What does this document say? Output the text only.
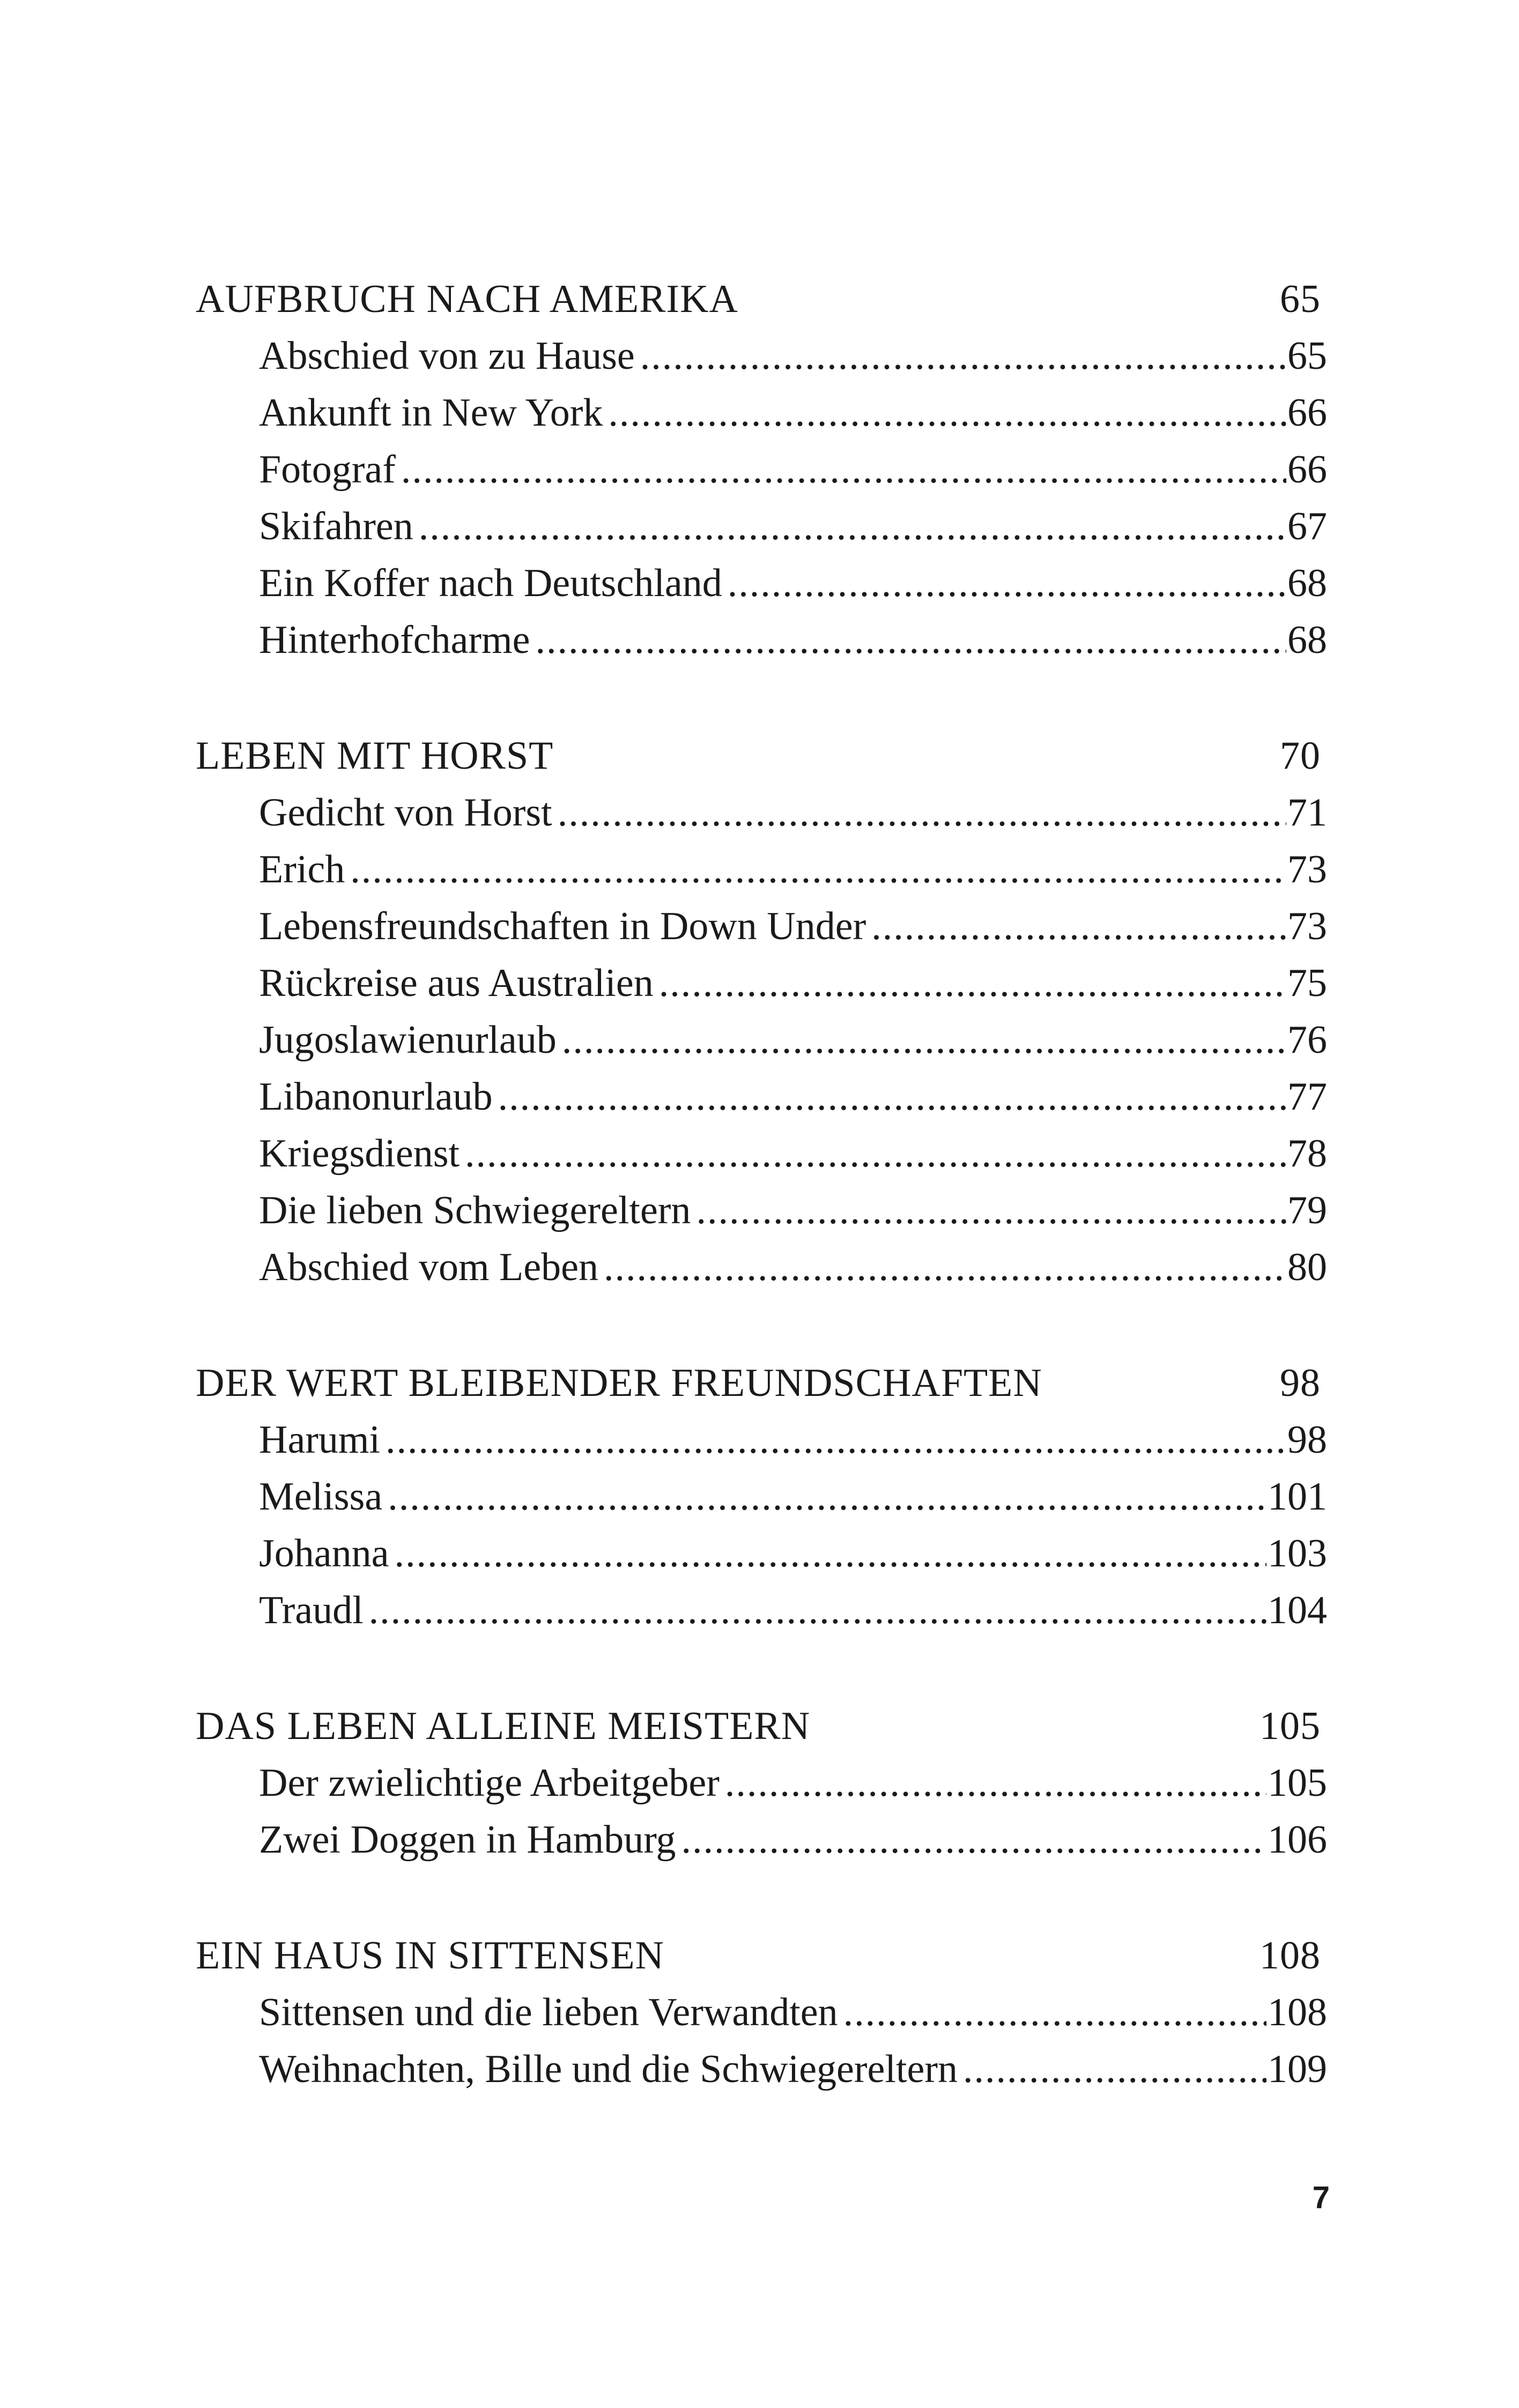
AUFBRUCH NACH AMERIKA	65
Abschied von zu Hause .....	65
Ankunft in New York .....	66
Fotograf .....	66
Skifahren .....	67
Ein Koffer nach Deutschland .....	68
Hinterhofcharme .....	68
LEBEN MIT HORST	70
Gedicht von Horst .....	71
Erich .....	73
Lebensfreundschaften in Down Under .....	73
Rückreise aus Australien .....	75
Jugoslawienurlaub .....	76
Libanonurlaub .....	77
Kriegsdienst .....	78
Die lieben Schwiegereltern .....	79
Abschied vom Leben .....	80
DER WERT BLEIBENDER FREUNDSCHAFTEN	98
Harumi .....	98
Melissa .....	101
Johanna .....	103
Traudl .....	104
DAS LEBEN ALLEINE MEISTERN	105
Der zwielichtige Arbeitgeber .....	105
Zwei Doggen in Hamburg .....	106
EIN HAUS IN SITTENSEN	108
Sittensen und die lieben Verwandten .....	108
Weihnachten, Bille und die Schwiegereltern .....	109
7
